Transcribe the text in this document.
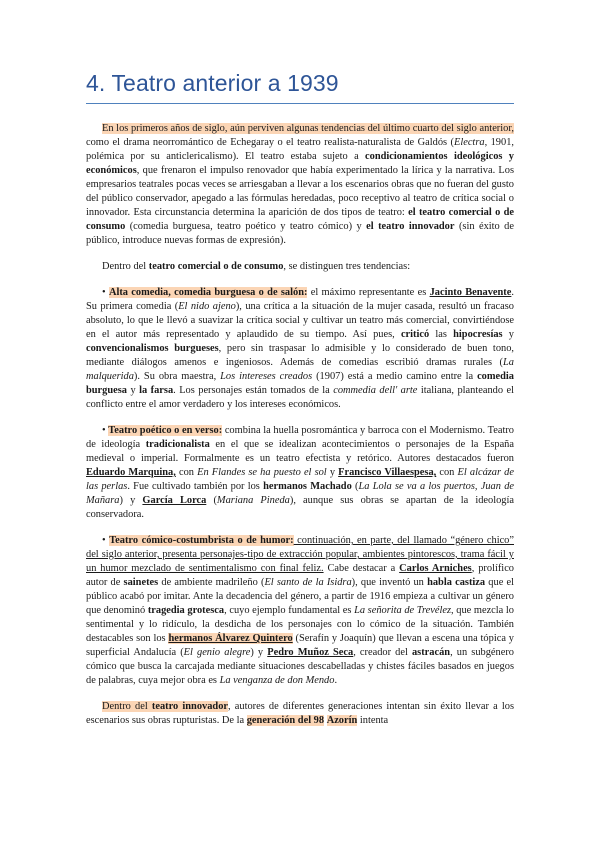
4. Teatro anterior a 1939

En los primeros años de siglo, aún perviven algunas tendencias del último cuarto del siglo anterior, como el drama neorromántico de Echegaray o el teatro realista-naturalista de Galdós (Electra, 1901, polémica por su anticlericalismo). El teatro estaba sujeto a condicionamientos ideológicos y económicos, que frenaron el impulso renovador que había experimentado la lírica y la narrativa. Los empresarios teatrales pocas veces se arriesgaban a llevar a los escenarios obras que no fueran del gusto del público conservador, apegado a las fórmulas heredadas, poco receptivo al teatro de crítica social o innovador. Esta circunstancia determina la aparición de dos tipos de teatro: el teatro comercial o de consumo (comedia burguesa, teatro poético y teatro cómico) y el teatro innovador (sin éxito de público, introduce nuevas formas de expresión).

Dentro del teatro comercial o de consumo, se distinguen tres tendencias:

• Alta comedia, comedia burguesa o de salón: el máximo representante es Jacinto Benavente. Su primera comedia (El nido ajeno), una crítica a la situación de la mujer casada, resultó un fracaso absoluto, lo que le llevó a suavizar la crítica social y cultivar un teatro más comercial, convirtiéndose en el autor más representado y aplaudido de su tiempo. Así pues, criticó las hipocresías y convencionalismos burgueses, pero sin traspasar lo admisible y lo considerado de buen tono, mediante diálogos amenos e ingeniosos. Además de comedias escribió dramas rurales (La malquerida). Su obra maestra, Los intereses creados (1907) está a medio camino entre la comedia burguesa y la farsa. Los personajes están tomados de la commedia dell' arte italiana, planteando el conflicto entre el amor verdadero y los intereses económicos.

• Teatro poético o en verso: combina la huella posromántica y barroca con el Modernismo. Teatro de ideología tradicionalista en el que se idealizan acontecimientos o personajes de la España medieval o imperial. Formalmente es un teatro efectista y retórico. Autores destacados fueron Eduardo Marquina, con En Flandes se ha puesto el sol y Francisco Villaespesa, con El alcázar de las perlas. Fue cultivado también por los hermanos Machado (La Lola se va a los puertos, Juan de Mañara) y García Lorca (Mariana Pineda), aunque sus obras se apartan de la ideología conservadora.

• Teatro cómico-costumbrista o de humor: continuación, en parte, del llamado “género chico” del siglo anterior, presenta personajes-tipo de extracción popular, ambientes pintorescos, trama fácil y un humor mezclado de sentimentalismo con final feliz. Cabe destacar a Carlos Arniches, prolífico autor de sainetes de ambiente madrileño (El santo de la Isidra), que inventó un habla castiza que el público acabó por imitar. Ante la decadencia del género, a partir de 1916 empieza a cultivar un género que denominó tragedia grotesca, cuyo ejemplo fundamental es La señorita de Trevélez, que mezcla lo sentimental y lo ridículo, la desdicha de los personajes con lo cómico de la situación. También destacables son los hermanos Álvarez Quintero (Serafín y Joaquín) que llevan a escena una tópica y superficial Andalucía (El genio alegre) y Pedro Muñoz Seca, creador del astracán, un subgénero cómico que busca la carcajada mediante situaciones descabelladas y chistes fáciles basados en juegos de palabras, cuya mejor obra es La venganza de don Mendo.

Dentro del teatro innovador, autores de diferentes generaciones intentan sin éxito llevar a los escenarios sus obras rupturistas. De la generación del 98 Azorín intenta
